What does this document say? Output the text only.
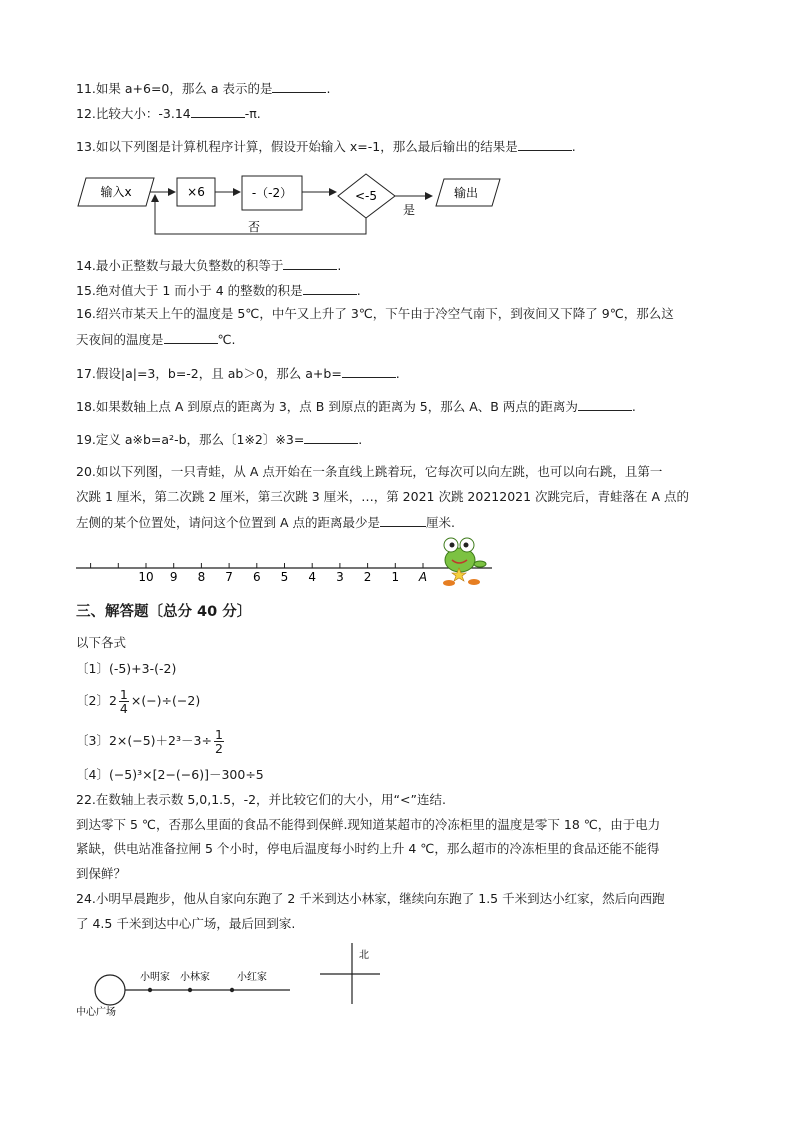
11.如果 a+6=0，那么 a 表示的是	.
12.比较大小：-3.14	-π.
13.如以下列图是计算机程序计算，假设开始输入 x=-1，那么最后输出的结果是	.
输入x	×6	-（-2）	<-5
是
输出
否
14.最小正整数与最大负整数的积等于	.
15.绝对值大于 1 而小于 4 的整数的积是	.
16.绍兴市某天上午的温度是 5℃，中午又上升了 3℃，下午由于冷空气南下，到夜间又下降了 9℃，那么这
天夜间的温度是	℃.
17.假设|a|=3，b=-2，且 ab＞0，那么 a+b=	.
18.如果数轴上点 A 到原点的距离为 3，点 B 到原点的距离为 5，那么 A、B 两点的距离为	.
19.定义 a※b=a²-b，那么〔1※2〕※3=	.
20.如以下列图，一只青蛙，从 A 点开始在一条直线上跳着玩，它每次可以向左跳，也可以向右跳，且第一
次跳 1 厘米，第二次跳 2 厘米，第三次跳 3 厘米，…，第 2021 次跳 20212021 次跳完后，青蛙落在 A 点的
左侧的某个位置处，请问这个位置到 A 点的距离最少是	厘米.
10 9 8 7 6 5 4 3 2 1 A
三、解答题〔总分 40 分〕
以下各式
〔1〕(-5)+3-(-2)
〔2〕$2 \frac{1}{4} \times(-)\div(-2)$
〔3〕$2\times(-5)+2^3-3\div \frac{1}{2}$
〔4〕(−5)³×[2−(−6)]－300÷5
22.在数轴上表示数 5,0,1.5，-2，并比较它们的大小，用“<”连结.
到达零下 5 ℃，否那么里面的食品不能得到保鲜.现知道某超市的冷冻柜里的温度是零下 18 ℃，由于电力
紧缺，供电站准备拉闸 5 个小时，停电后温度每小时约上升 4 ℃，那么超市的冷冻柜里的食品还能不能得
到保鲜？
24.小明早晨跑步，他从自家向东跑了 2 千米到达小林家，继续向东跑了 1.5 千米到达小红家，然后向西跑
了 4.5 千米到达中心广场，最后回到家.
小明家 小林家	小红家
中心广场
北
